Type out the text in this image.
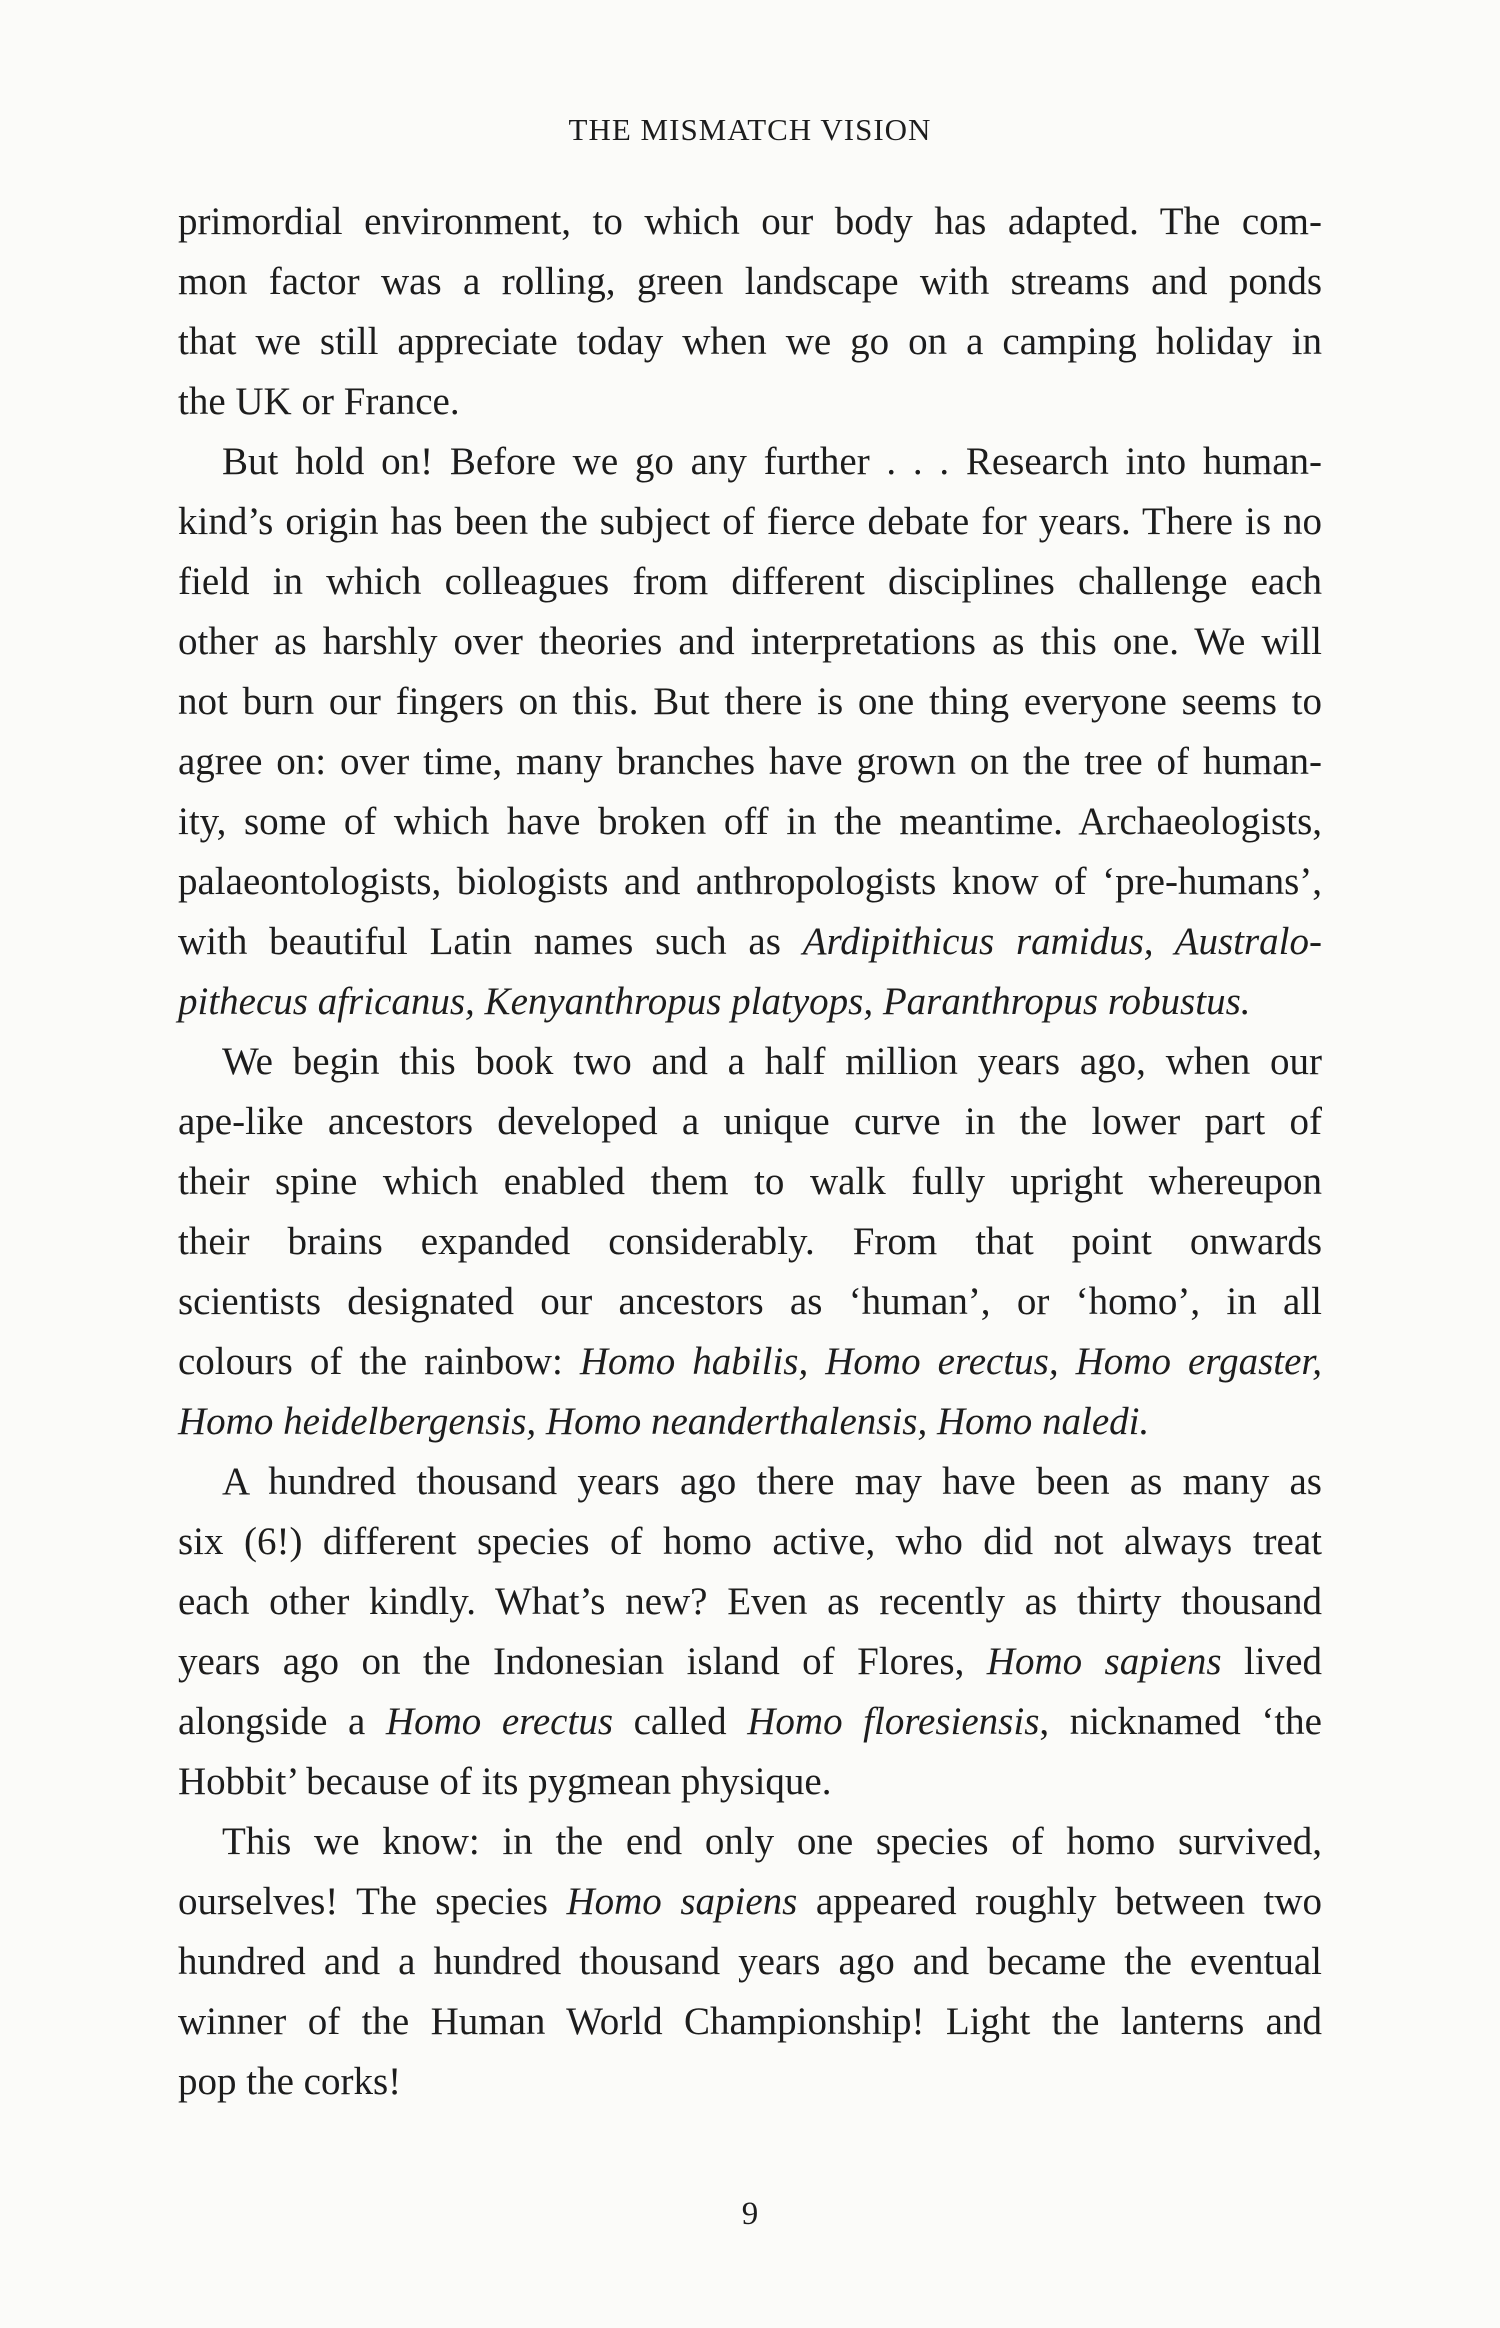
THE MISMATCH VISION
primordial environment, to which our body has adapted. The com-
mon factor was a rolling, green landscape with streams and ponds
that we still appreciate today when we go on a camping holiday in
the UK or France.
But hold on! Before we go any further . . . Research into human-
kind’s origin has been the subject of fierce debate for years. There is no
field in which colleagues from different disciplines challenge each
other as harshly over theories and interpretations as this one. We will
not burn our fingers on this. But there is one thing everyone seems to
agree on: over time, many branches have grown on the tree of human-
ity, some of which have broken off in the meantime. Archaeologists,
palaeontologists, biologists and anthropologists know of ‘pre-humans’,
with beautiful Latin names such as Ardipithicus ramidus, Australo-
pithecus africanus, Kenyanthropus platyops, Paranthropus robustus.
We begin this book two and a half million years ago, when our
ape-like ancestors developed a unique curve in the lower part of
their spine which enabled them to walk fully upright whereupon
their brains expanded considerably. From that point onwards
scientists designated our ancestors as ‘human’, or ‘homo’, in all
colours of the rainbow: Homo habilis, Homo erectus, Homo ergaster,
Homo heidelbergensis, Homo neanderthalensis, Homo naledi.
A hundred thousand years ago there may have been as many as
six (6!) different species of homo active, who did not always treat
each other kindly. What’s new? Even as recently as thirty thousand
years ago on the Indonesian island of Flores, Homo sapiens lived
alongside a Homo erectus called Homo floresiensis, nicknamed ‘the
Hobbit’ because of its pygmean physique.
This we know: in the end only one species of homo survived,
ourselves! The species Homo sapiens appeared roughly between two
hundred and a hundred thousand years ago and became the eventual
winner of the Human World Championship! Light the lanterns and
pop the corks!
9
